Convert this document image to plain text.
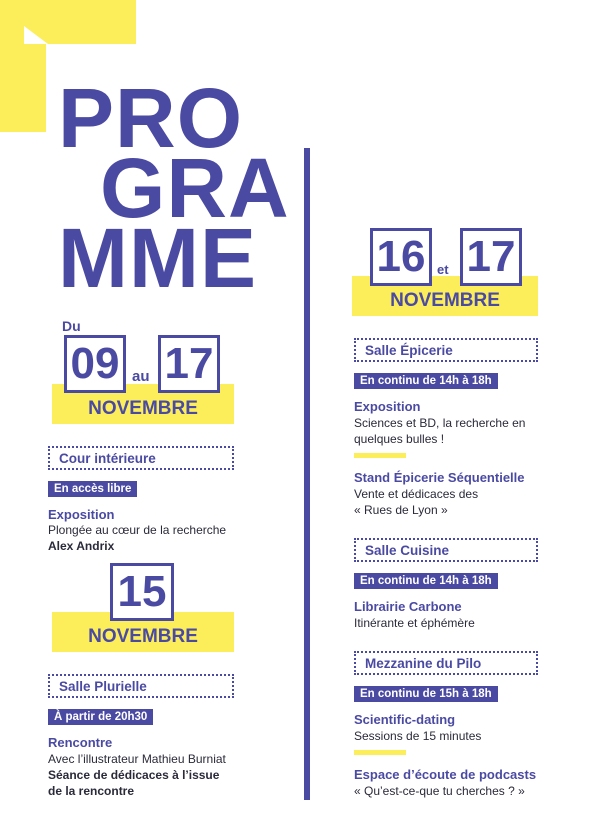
PRO
GRA
MME
NOVEMBRE
Du
09 au 17
Cour intérieure
En accès libre
Exposition
Plongée au cœur de la recherche
Alex Andrix
NOVEMBRE
15
Salle Plurielle
À partir de 20h30
Rencontre
Avec l’illustrateur Mathieu Burniat
Séance de dédicaces à l’issue
de la rencontre
NOVEMBRE
16 et 17
Salle Épicerie
En continu de 14h à 18h
Exposition
Sciences et BD, la recherche en
quelques bulles !
Stand Épicerie Séquentielle
Vente et dédicaces des
« Rues de Lyon »
Salle Cuisine
En continu de 14h à 18h
Librairie Carbone
Itinérante et éphémère
Mezzanine du Pilo
En continu de 15h à 18h
Scientific-dating
Sessions de 15 minutes
Espace d’écoute de podcasts
« Qu’est-ce-que tu cherches ? »
